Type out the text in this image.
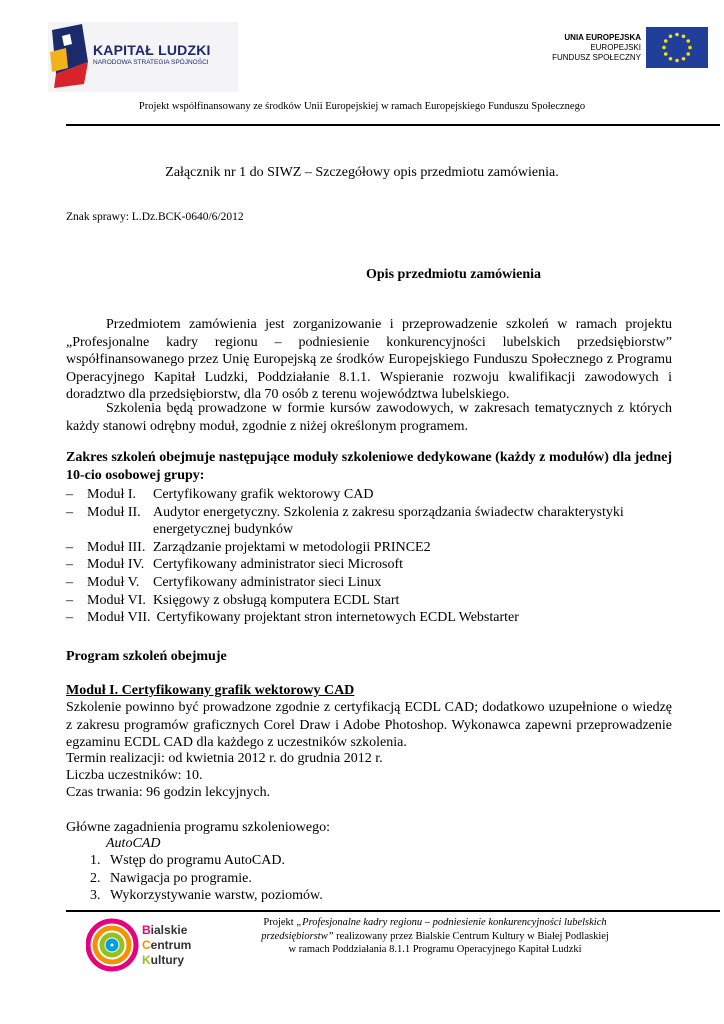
KAPITAŁ LUDZKI
NARODOWA STRATEGIA SPÓJNOŚCI
UNIA EUROPEJSKA
EUROPEJSKI
FUNDUSZ SPOŁECZNY
Projekt współfinansowany ze środków Unii Europejskiej w ramach Europejskiego Funduszu Społecznego
Załącznik nr 1 do SIWZ – Szczegółowy opis przedmiotu zamówienia.
Znak sprawy: L.Dz.BCK-0640/6/2012
Opis przedmiotu zamówienia
Przedmiotem zamówienia jest zorganizowanie i przeprowadzenie szkoleń w ramach projektu „Profesjonalne kadry regionu – podniesienie konkurencyjności lubelskich przedsiębiorstw” współfinansowanego przez Unię Europejską ze środków Europejskiego Funduszu Społecznego z Programu Operacyjnego Kapitał Ludzki, Poddziałanie 8.1.1. Wspieranie rozwoju kwalifikacji zawodowych i doradztwo dla przedsiębiorstw, dla 70 osób z terenu województwa lubelskiego.
Szkolenia będą prowadzone w formie kursów zawodowych, w zakresach tematycznych z których każdy stanowi odrębny moduł, zgodnie z niżej określonym programem.
Zakres szkoleń obejmuje następujące moduły szkoleniowe dedykowane (każdy z modułów) dla jednej 10-cio osobowej grupy:
– Moduł I. Certyfikowany grafik wektorowy CAD
– Moduł II. Audytor energetyczny. Szkolenia z zakresu sporządzania świadectw charakterystyki
energetycznej budynków
– Moduł III. Zarządzanie projektami w metodologii PRINCE2
– Moduł IV. Certyfikowany administrator sieci Microsoft
– Moduł V. Certyfikowany administrator sieci Linux
– Moduł VI. Księgowy z obsługą komputera ECDL Start
– Moduł VII. Certyfikowany projektant stron internetowych ECDL Webstarter
Program szkoleń obejmuje
Moduł I. Certyfikowany grafik wektorowy CAD
Szkolenie powinno być prowadzone zgodnie z certyfikacją ECDL CAD; dodatkowo uzupełnione o wiedzę z zakresu programów graficznych Corel Draw i Adobe Photoshop. Wykonawca zapewni przeprowadzenie egzaminu ECDL CAD dla każdego z uczestników szkolenia.
Termin realizacji: od kwietnia 2012 r. do grudnia 2012 r.
Liczba uczestników: 10.
Czas trwania: 96 godzin lekcyjnych.
Główne zagadnienia programu szkoleniowego:
AutoCAD
1. Wstęp do programu AutoCAD.
2. Nawigacja po programie.
3. Wykorzystywanie warstw, poziomów.
Bialskie
Centrum
Kultury
Projekt „Profesjonalne kadry regionu – podniesienie konkurencyjności lubelskich przedsiębiorstw” realizowany przez Bialskie Centrum Kultury w Białej Podlaskiej
w ramach Poddziałania 8.1.1 Programu Operacyjnego Kapitał Ludzki
